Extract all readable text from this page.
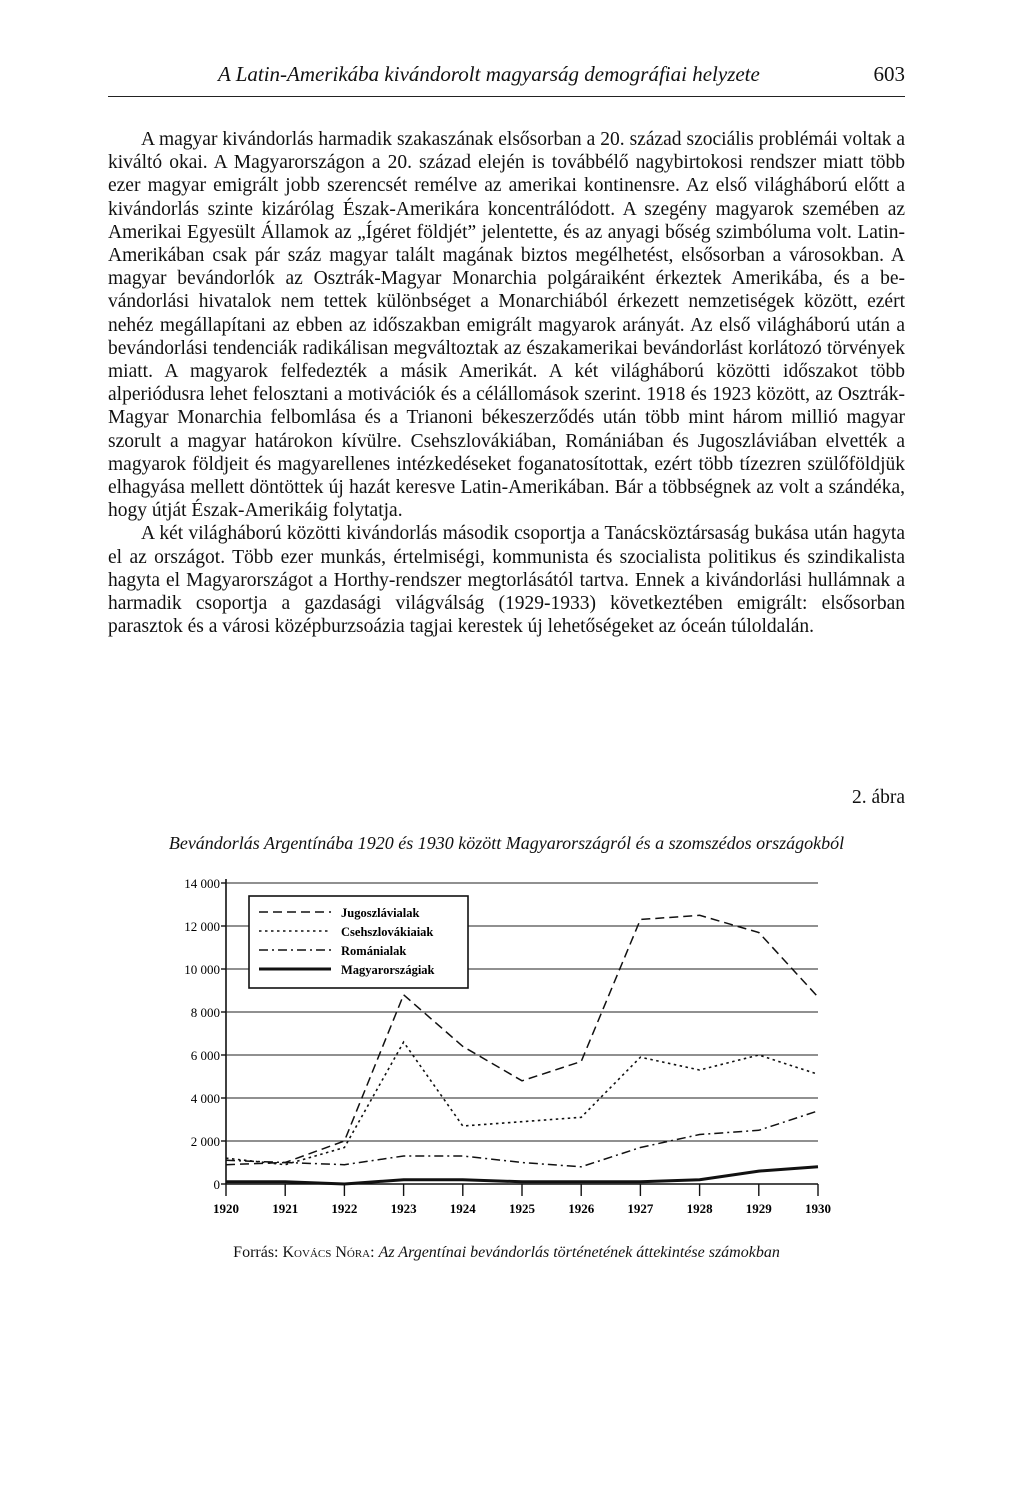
A Latin-Amerikába kivándorolt magyarság demográfiai helyzete	603

A magyar kivándorlás harmadik szakaszának elsősorban a 20. század szociális problémái voltak a kiváltó okai. A Magyarországon a 20. század elején is továbbélő nagybirtokosi rendszer miatt több ezer magyar emigrált jobb szerencsét remélve az amerikai kontinensre. Az első világháború előtt a kivándorlás szinte kizárólag Észak-Amerikára koncentrálódott. A szegény magyarok szemében az Amerikai Egyesült Államok az „Ígéret földjét” jelentette, és az anyagi bőség szimbóluma volt. Latin- Amerikában csak pár száz magyar talált magának biztos megélhetést, elsősorban a városokban. A magyar bevándorlók az Osztrák-Magyar Monarchia polgáraiként érkeztek Amerikába, és a bevándorlási hivatalok nem tettek különbséget a Monarchiából érkezett nemzetiségek között, ezért nehéz megállapítani az ebben az időszakban emigrált magyarok arányát. Az első világháború után a bevándorlási tendenciák radikálisan megváltoztak az északamerikai bevándorlást korlátozó törvények miatt. A magyarok felfedezték a másik Amerikát. A két világháború közötti időszakot több alperiódusra lehet felosztani a motivációk és a célállomások szerint. 1918 és 1923 között, az Osztrák-Magyar Monarchia felbomlása és a Trianoni békeszerződés után több mint három millió magyar szorult a magyar határokon kívülre. Csehszlovákiában, Romániában és Jugoszláviában elvették a magyarok földjeit és magyarellenes intézkedéseket foganatosítottak, ezért több tízezren szülőföldjük elhagyása mellett döntöttek új hazát keresve Latin-Amerikában. Bár a többségnek az volt a szándéka, hogy útját Észak-Amerikáig folytatja.

A két világháború közötti kivándorlás második csoportja a Tanácsköztársaság bukása után hagyta el az országot. Több ezer munkás, értelmiségi, kommunista és szocialista politikus és szindikalista hagyta el Magyarországot a Horthy-rendszer megtorlásától tartva. Ennek a kivándorlási hullámnak a harmadik csoportja a gazdasági világválság (1929-1933) következtében emigrált: elsősorban parasztok és a városi középburzsoázia tagjai kerestek új lehetőségeket az óceán túloldalán.

2. ábra
Bevándorlás Argentínába 1920 és 1930 között Magyarországról és a szomszédos országokból
0
2 000
4 000
6 000
8 000
10 000
12 000
14 000
1920	1921	1922	1923	1924	1925	1926	1927	1928	1929	1930
Jugoszlávialak
Csehszlovákiaiak
Románialak
Magyarországiak
Forrás: Kovács Nóra: Az Argentínai bevándorlás történetének áttekintése számokban
